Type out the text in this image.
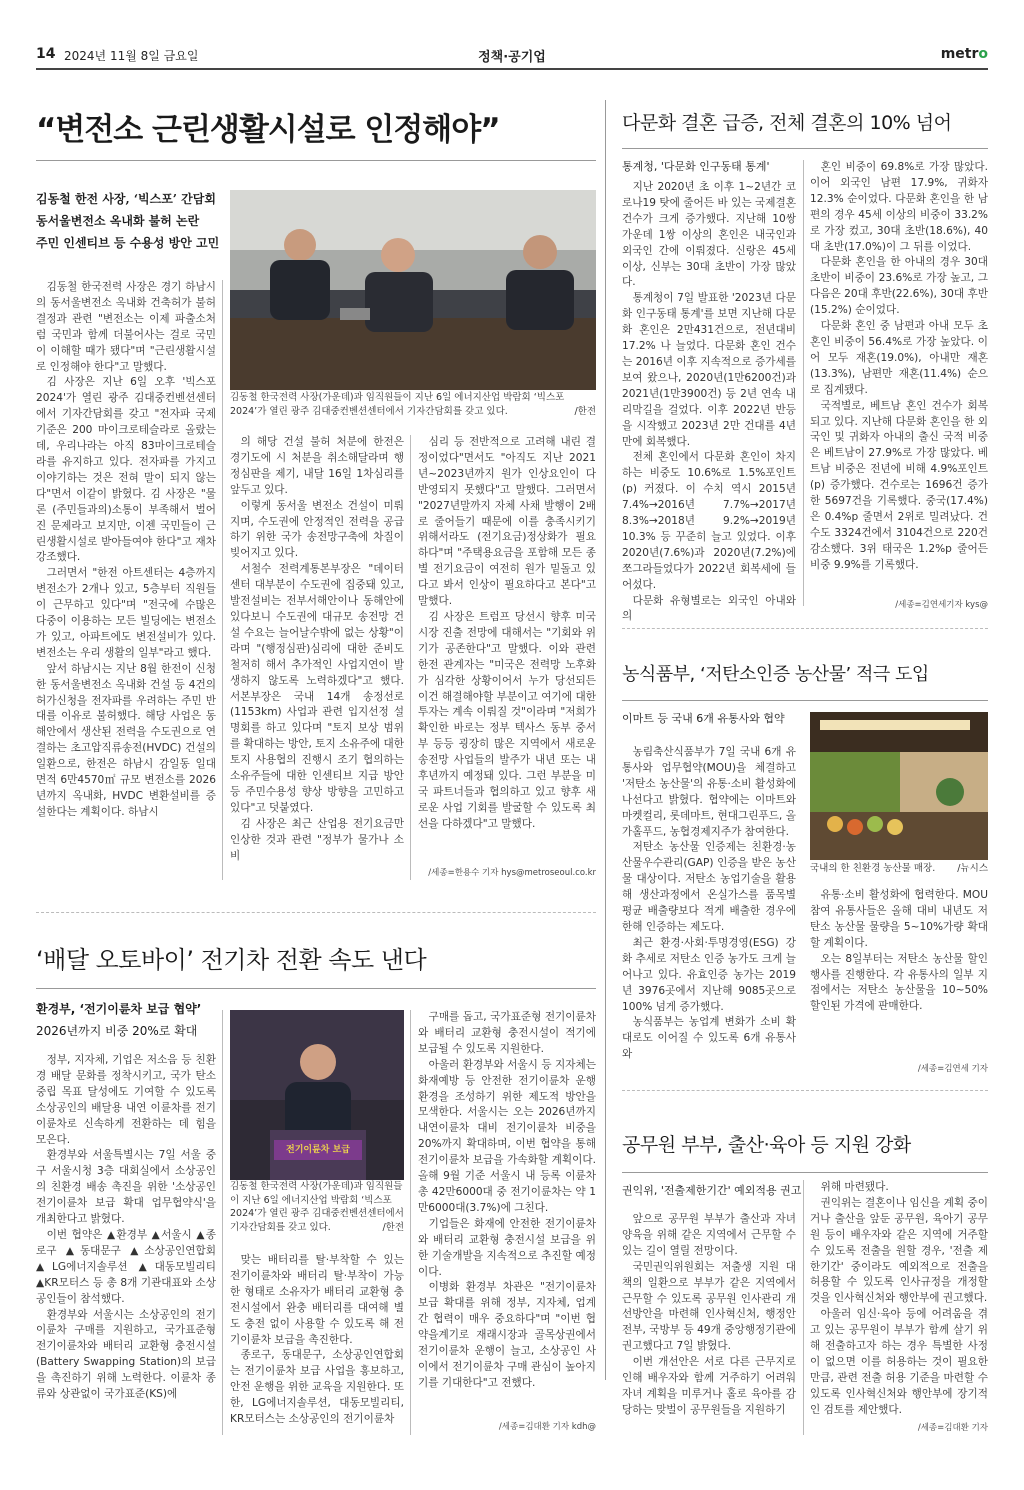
14 2024년 11월 8일 금요일	정책·공기업	metro
“변전소 근린생활시설로 인정해야”
김동철 한전 사장, ‘빅스포’ 간담회
동서울변전소 옥내화 불허 논란
주민 인센티브 등 수용성 방안 고민
김동철 한국전력 사장(가운데)과 임직원들이 지난 6일 에너지산업 박람회 ‘빅스포 2024’가 열린 광주 김대중컨벤션센터에서 기자간담회를 갖고 있다.	/한전

김동철 한국전력 사장은 경기 하남시의 동서울변전소 옥내화 건축허가 불허 결정과 관련 "변전소는 이제 파출소처럼 국민과 함께 더불어사는 걸로 국민이 이해할 때가 됐다"며 "근린생활시설로 인정해야 한다"고 말했다.

김 사장은 지난 6일 오후 '빅스포 2024'가 열린 광주 김대중컨벤션센터에서 기자간담회를 갖고 "전자파 국제기준은 200 마이크로테슬라로 올랐는데, 우리나라는 아직 83마이크로테슬라를 유지하고 있다. 전자파를 가지고 이야기하는 것은 전혀 말이 되지 않는다"면서 이같이 밝혔다. 김 사장은 "물론 (주민들과의)소통이 부족해서 벌어진 문제라고 보지만, 이젠 국민들이 근린생활시설로 받아들여야 한다"고 재차 강조했다.

그러면서 "한전 아트센터는 4층까지 변전소가 2개나 있고, 5층부터 직원들이 근무하고 있다"며 "전국에 수많은 다중이 이용하는 모든 빌딩에는 변전소가 있고, 아파트에도 변전설비가 있다. 변전소는 우리 생활의 일부"라고 했다.

앞서 하남시는 지난 8월 한전이 신청한 동서울변전소 옥내화 건설 등 4건의 허가신청을 전자파를 우려하는 주민 반대를 이유로 불허했다. 해당 사업은 동해안에서 생산된 전력을 수도권으로 연결하는 초고압직류송전(HVDC) 건설의 일환으로, 한전은 하남시 감일동 일대면적 6만4570㎡ 규모 변전소를 2026년까지 옥내화, HVDC 변환설비를 증설한다는 계획이다. 하남시

의 해당 건설 불허 처분에 한전은 경기도에 시 처분을 취소해달라며 행정심판을 제기, 내달 16일 1차심리를 앞두고 있다.

이렇게 동서울 변전소 건설이 미뤄지며, 수도권에 안정적인 전력을 공급하기 위한 국가 송전망구축에 차질이 빚어지고 있다.

서철수 전력계통본부장은 "데이터센터 대부분이 수도권에 집중돼 있고, 발전설비는 전부서해안이나 동해안에 있다보니 수도권에 대규모 송전망 건설 수요는 늘어날수밖에 없는 상황"이라며 "(행정심판)심리에 대한 준비도 철저히 해서 추가적인 사업지연이 발생하지 않도록 노력하겠다"고 했다. 서본부장은 국내 14개 송정선로(1153km) 사업과 관련 입지선정 설명회를 하고 있다며 "토지 보상 범위를 확대하는 방안, 토지 소유주에 대한 토지 사용협의 진행시 조기 협의하는 소유주들에 대한 인센티브 지급 방안 등 주민수용성 향상 방향을 고민하고 있다"고 덧붙였다.

김 사장은 최근 산업용 전기요금만 인상한 것과 관련 "정부가 물가나 소비

심리 등 전반적으로 고려해 내린 결정이었다"면서도 "아직도 지난 2021년~2023년까지 원가 인상요인이 다 반영되지 못했다"고 말했다. 그러면서 "2027년말까지 자체 사채 발행이 2배로 줄어들기 때문에 이를 충족시키기 위해서라도 (전기요금)정상화가 필요하다"며 "주택용요금을 포함해 모든 종별 전기요금이 여전히 원가 밑돌고 있다고 봐서 인상이 필요하다고 본다"고 말했다.

김 사장은 트럼프 당선시 향후 미국시장 진출 전망에 대해서는 "기회와 위기가 공존한다"고 말했다. 이와 관련 한전 관계자는 "미국은 전력망 노후화가 심각한 상황이어서 누가 당선되든 이건 해결해야할 부분이고 여기에 대한 투자는 계속 이뤄질 것"이라며 "저희가 확인한 바로는 정부 텍사스 동부 중서부 등등 굉장히 많은 지역에서 새로운 송전망 사업들의 발주가 내년 또는 내후년까지 예정돼 있다. 그런 부분을 미국 파트너들과 협의하고 있고 향후 새로운 사업 기회를 발굴할 수 있도록 최선을 다하겠다"고 말했다.

/세종=한용수 기자 hys@metroseoul.co.kr
다문화 결혼 급증, 전체 결혼의 10% 넘어
통계청, '다문화 인구동태 통계'

지난 2020년 초 이후 1~2년간 코로나19 탓에 줄어든 바 있는 국제결혼 건수가 크게 증가했다. 지난해 10쌍 가운데 1쌍 이상의 혼인은 내국인과 외국인 간에 이뤄졌다. 신랑은 45세 이상, 신부는 30대 초반이 가장 많았다.

통계청이 7일 발표한 '2023년 다문화 인구동태 통계'를 보면 지난해 다문화 혼인은 2만431건으로, 전년대비 17.2% 나 늘었다. 다문화 혼인 건수는 2016년 이후 지속적으로 증가세를 보여 왔으나, 2020년(1만6200건)과 2021년(1만3900건) 등 2년 연속 내리막길을 걸었다. 이후 2022년 반등을 시작했고 2023년 2만 건대를 4년 만에 회복했다.

전체 혼인에서 다문화 혼인이 차지하는 비중도 10.6%로 1.5%포인트(p) 커졌다. 이 수치 역시 2015년 7.4%→2016년 7.7%→2017년 8.3%→2018년 9.2%→2019년 10.3% 등 꾸준히 늘고 있었다. 이후 2020년(7.6%)과 2020년(7.2%)에 쪼그라들었다가 2022년 회복세에 들어섰다.

다문화 유형별로는 외국인 아내와의

혼인 비중이 69.8%로 가장 많았다. 이어 외국인 남편 17.9%, 귀화자 12.3% 순이었다. 다문화 혼인을 한 남편의 경우 45세 이상의 비중이 33.2%로 가장 컸고, 30대 초반(18.6%), 40대 초반(17.0%)이 그 뒤를 이었다.

다문화 혼인을 한 아내의 경우 30대 초반이 비중이 23.6%로 가장 높고, 그 다음은 20대 후반(22.6%), 30대 후반(15.2%) 순이었다.

다문화 혼인 중 남편과 아내 모두 초혼인 비중이 56.4%로 가장 높았다. 이어 모두 재혼(19.0%), 아내만 재혼(13.3%), 남편만 재혼(11.4%) 순으로 집계됐다.

국적별로, 베트남 혼인 건수가 회복되고 있다. 지난해 다문화 혼인을 한 외국인 및 귀화자 아내의 출신 국적 비중은 베트남이 27.9%로 가장 많았다. 베트남 비중은 전년에 비해 4.9%포인트(p) 증가했다. 건수로는 1696건 증가한 5697건을 기록했다. 중국(17.4%)은 0.4%p 줄면서 2위로 밀려났다. 건수도 3324건에서 3104건으로 220건 감소했다. 3위 태국은 1.2%p 줄어든 비중 9.9%를 기록했다.

/세종=김연세기자 kys@
농식품부, ‘저탄소인증 농산물’ 적극 도입
이마트 등 국내 6개 유통사와 협약

농림축산식품부가 7일 국내 6개 유통사와 업무협약(MOU)을 체결하고 '저탄소 농산물'의 유통·소비 활성화에 나선다고 밝혔다. 협약에는 이마트와 마켓컬리, 롯데마트, 현대그린푸드, 올가홀푸드, 농협경제지주가 참여한다.

저탄소 농산물 인증제는 친환경·농산물우수관리(GAP) 인증을 받은 농산물 대상이다. 저탄소 농업기술을 활용해 생산과정에서 온실가스를 품목별 평균 배출량보다 적게 배출한 경우에 한해 인증하는 제도다.

최근 환경·사회·투명경영(ESG) 강화 추세로 저탄소 인증 농가도 크게 늘어나고 있다. 유효인증 농가는 2019년 3976곳에서 지난해 9085곳으로 100% 넘게 증가했다.

농식품부는 농업계 변화가 소비 확대로도 이어질 수 있도록 6개 유통사와

국내의 한 친환경 농산물 매장. /뉴시스

유통·소비 활성화에 협력한다. MOU 참여 유통사들은 올해 대비 내년도 저탄소 농산물 물량을 5~10%가량 확대할 계획이다.

오는 8일부터는 저탄소 농산물 할인행사를 진행한다. 각 유통사의 일부 지점에서는 저탄소 농산물을 10~50% 할인된 가격에 판매한다.

/세종=김연세 기자
‘배달 오토바이’ 전기차 전환 속도 낸다
환경부, ‘전기이륜차 보급 협약’
2026년까지 비중 20%로 확대

정부, 지자체, 기업은 저소음 등 친환경 배달 문화를 정착시키고, 국가 탄소중립 목표 달성에도 기여할 수 있도록 소상공인의 배달용 내연 이륜차를 전기 이륜차로 신속하게 전환하는 데 힘을 모은다.

환경부와 서울특별시는 7일 서울 중구 서울시청 3층 대회실에서 소상공인의 친환경 배송 촉진을 위한 '소상공인 전기이륜차 보급 확대 업무협약식'을 개최한다고 밝혔다.

이번 협약은 ▲환경부 ▲서울시 ▲종로구 ▲동대문구 ▲소상공인연합회 ▲LG에너지솔루션 ▲대동모빌리티 ▲KR모터스 등 총 8개 기관대표와 소상공인들이 참석했다.

환경부와 서울시는 소상공인의 전기이륜차 구매를 지원하고, 국가표준형 전기이륜차와 배터리 교환형 충전시설(Battery Swapping Station)의 보급을 촉진하기 위해 노력한다. 이륜차 종류와 상관없이 국가표준(KS)에

전기이륜차 보급
김동철 한국전력 사장(가운데)과 임직원들이 지난 6일 에너지산업 박람회 ‘빅스포 2024’가 열린 광주 김대중컨벤션센터에서 기자간담회를 갖고 있다.	/한전

맞는 배터리를 탈·부착할 수 있는 전기이륜차와 배터리 탈·부착이 가능한 형태로 소유자가 배터리 교환형 충전시설에서 완충 배터리를 대여해 별도 충전 없이 사용할 수 있도록 해 전기이륜차 보급을 촉진한다.

종로구, 동대문구, 소상공인연합회는 전기이륜차 보급 사업을 홍보하고, 안전 운행을 위한 교육을 지원한다. 또한, LG에너지솔루션, 대동모빌리티, KR모터스는 소상공인의 전기이륜차

구매를 돕고, 국가표준형 전기이륜차와 배터리 교환형 충전시설이 적기에 보급될 수 있도록 지원한다.

아울러 환경부와 서울시 등 지자체는 화재예방 등 안전한 전기이륜차 운행 환경을 조성하기 위한 제도적 방안을 모색한다. 서울시는 오는 2026년까지 내연이륜차 대비 전기이륜차 비중을 20%까지 확대하며, 이번 협약을 통해 전기이륜차 보급을 가속화할 계획이다. 올해 9월 기준 서울시 내 등록 이륜차 총 42만6000대 중 전기이륜차는 약 1만6000대(3.7%)에 그친다.

기업들은 화재에 안전한 전기이륜차와 배터리 교환형 충전시설 보급을 위한 기술개발을 지속적으로 추진할 예정이다.

이병화 환경부 차관은 "전기이륜차 보급 확대를 위해 정부, 지자체, 업계 간 협력이 매우 중요하다"며 "이번 협약을계기로 재래시장과 골목상권에서 전기이륜차 운행이 늘고, 소상공인 사이에서 전기이륜차 구매 관심이 높아지기를 기대한다"고 전했다.

/세종=김대환 기자 kdh@
공무원 부부, 출산·육아 등 지원 강화
권익위, '전출제한기간' 예외적용 권고

앞으로 공무원 부부가 출산과 자녀 양육을 위해 같은 지역에서 근무할 수 있는 길이 열릴 전망이다.

국민권익위원회는 저출생 지원 대책의 일환으로 부부가 같은 지역에서 근무할 수 있도록 공무원 인사관리 개선방안을 마련해 인사혁신처, 행정안전부, 국방부 등 49개 중앙행정기관에 권고했다고 7일 밝혔다.

이번 개선안은 서로 다른 근무지로 인해 배우자와 함께 거주하기 어려워 자녀 계획을 미루거나 홀로 육아를 감당하는 맞벌이 공무원들을 지원하기

위해 마련됐다.

권익위는 결혼이나 임신을 계획 중이거나 출산을 앞둔 공무원, 육아기 공무원 등이 배우자와 같은 지역에 거주할 수 있도록 전출을 원할 경우, '전출 제한기간' 중이라도 예외적으로 전출을 허용할 수 있도록 인사규정을 개정할 것을 인사혁신처와 행안부에 권고했다.

아울러 임신·육아 등에 어려움을 겪고 있는 공무원이 부부가 함께 살기 위해 전출하고자 하는 경우 특별한 사정이 없으면 이를 허용하는 것이 필요한 만큼, 관련 전출 허용 기준을 마련할 수 있도록 인사혁신처와 행안부에 장기적인 검토를 제안했다.

/세종=김대환 기자
